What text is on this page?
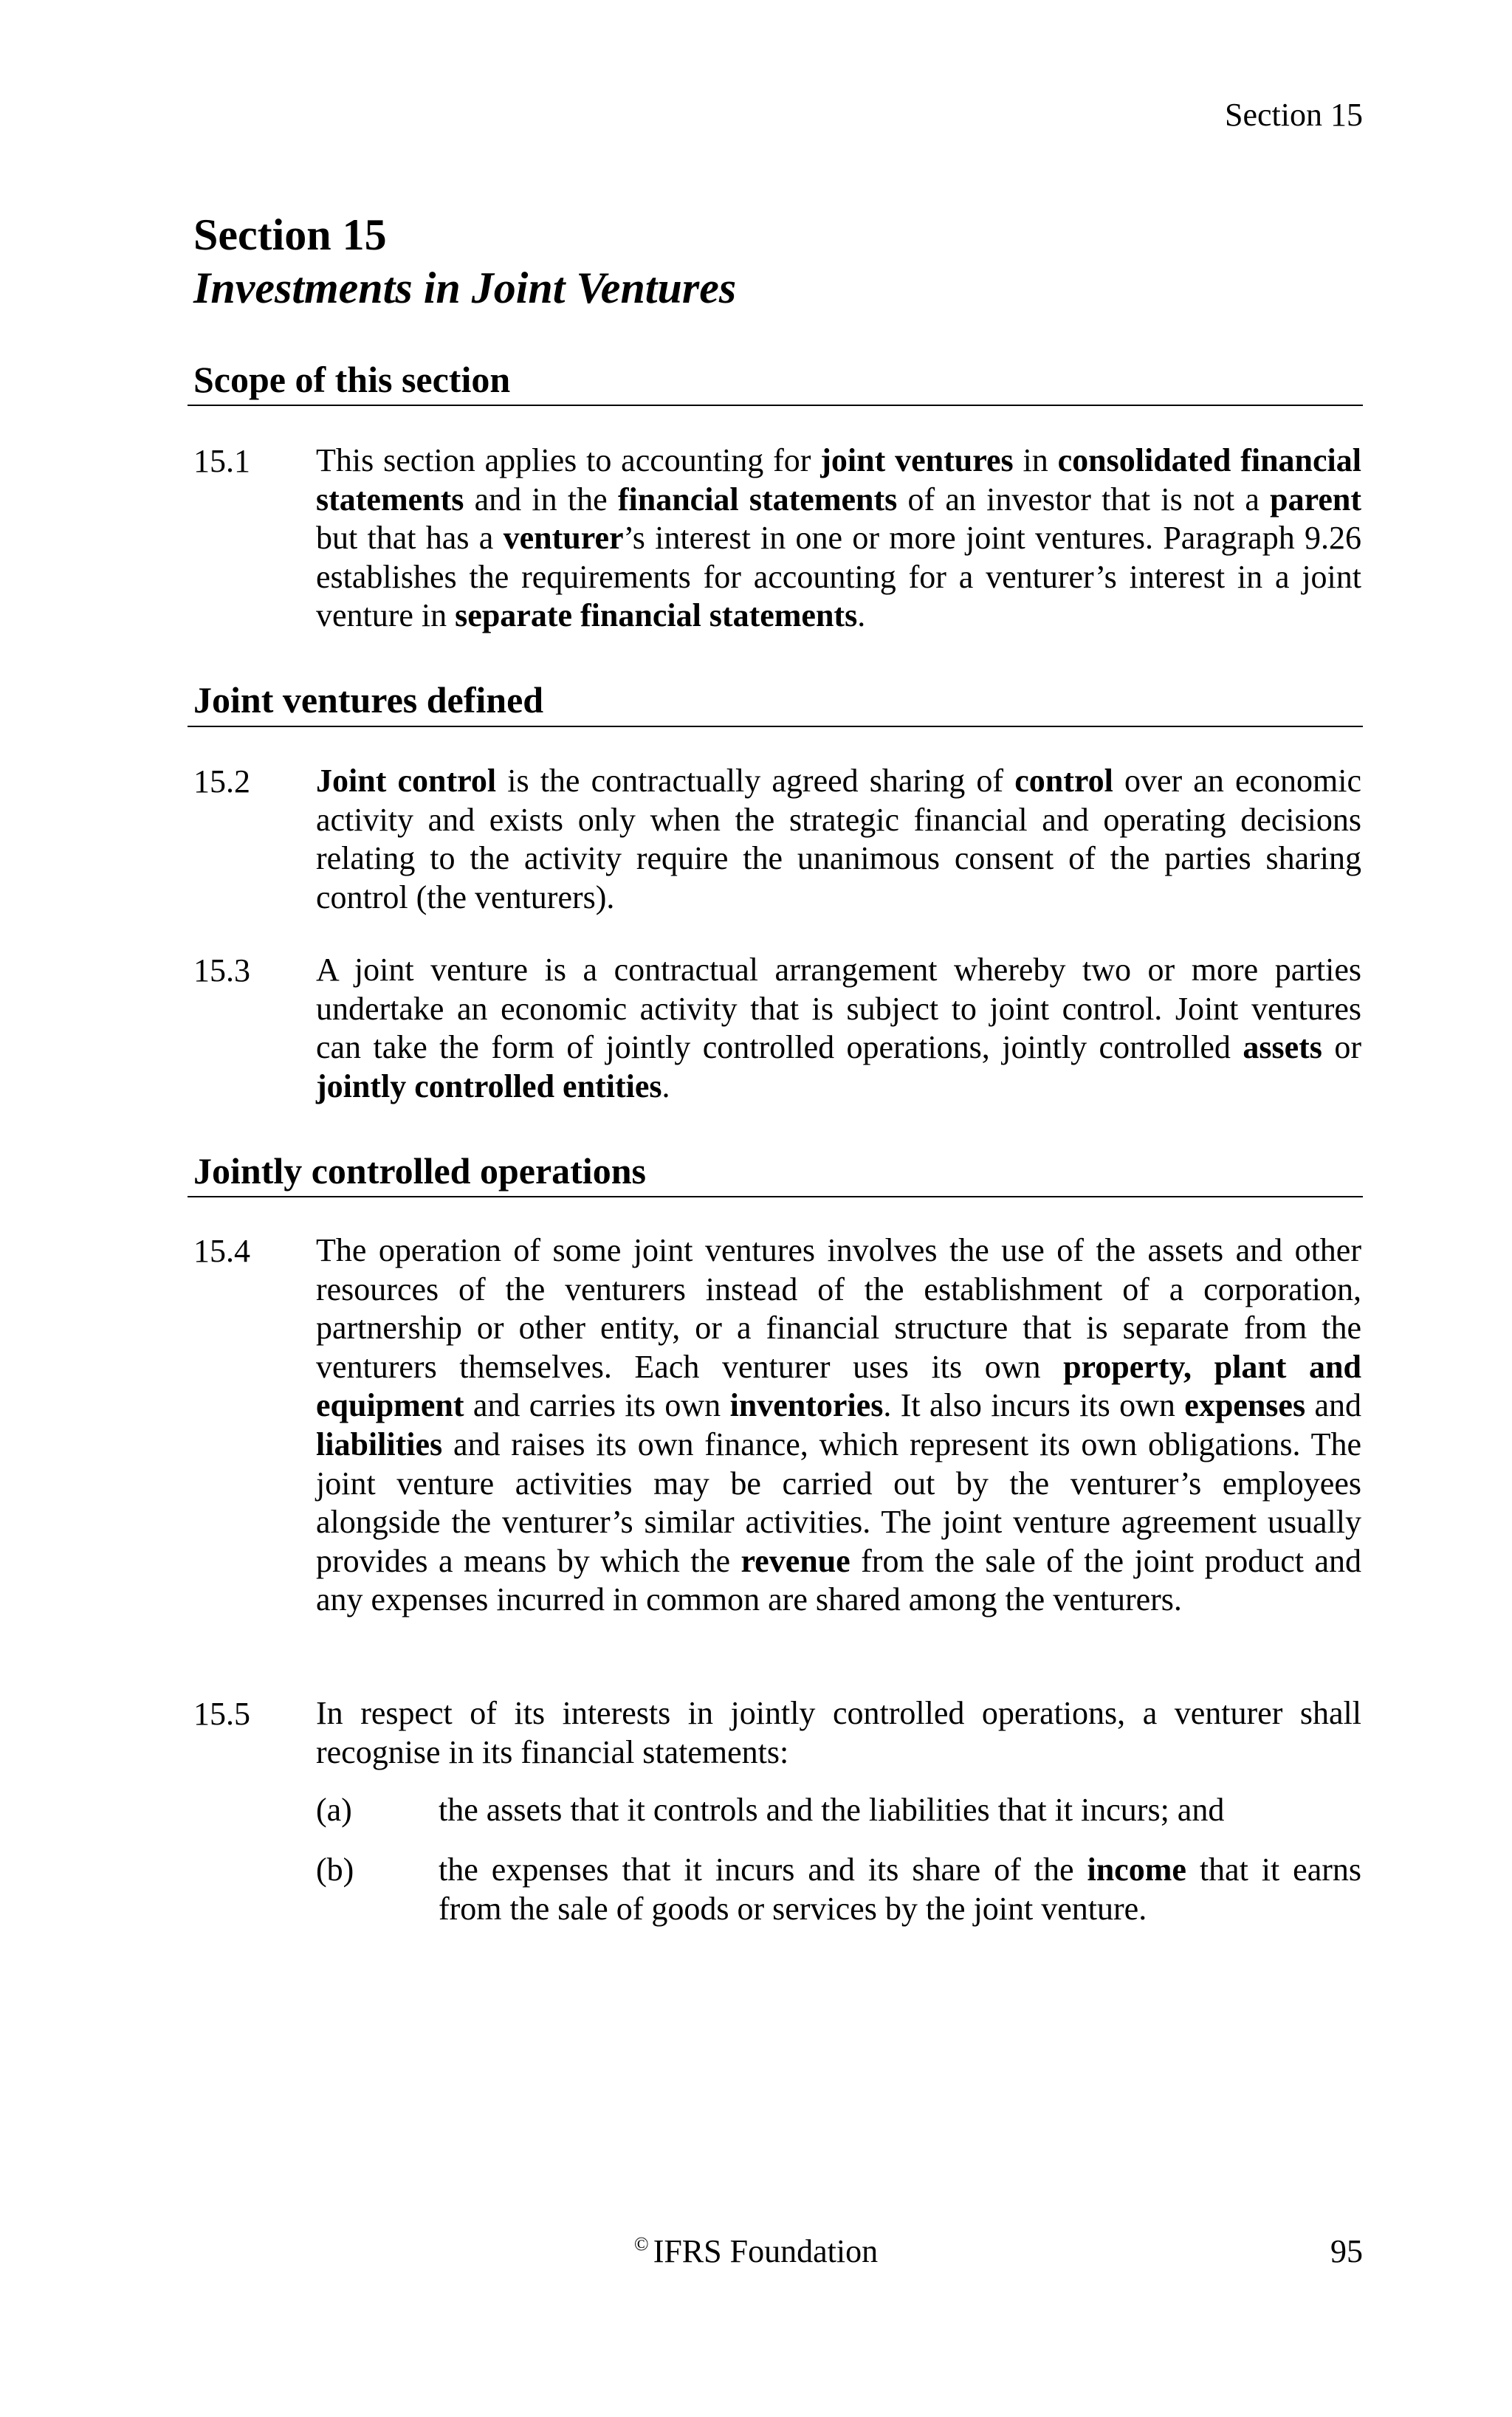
Section 15
Section 15
Investments in Joint Ventures
Scope of this section
15.1 This section applies to accounting for joint ventures in consolidated financial statements and in the financial statements of an investor that is not a parent but that has a venturer’s interest in one or more joint ventures. Paragraph 9.26 establishes the requirements for accounting for a venturer’s interest in a joint venture in separate financial statements.
Joint ventures defined
15.2 Joint control is the contractually agreed sharing of control over an economic activity and exists only when the strategic financial and operating decisions relating to the activity require the unanimous consent of the parties sharing control (the venturers).
15.3 A joint venture is a contractual arrangement whereby two or more parties undertake an economic activity that is subject to joint control. Joint ventures can take the form of jointly controlled operations, jointly controlled assets or jointly controlled entities.
Jointly controlled operations
15.4 The operation of some joint ventures involves the use of the assets and other resources of the venturers instead of the establishment of a corporation, partnership or other entity, or a financial structure that is separate from the venturers themselves. Each venturer uses its own property, plant and equipment and carries its own inventories. It also incurs its own expenses and liabilities and raises its own finance, which represent its own obligations. The joint venture activities may be carried out by the venturer’s employees alongside the venturer’s similar activities. The joint venture agreement usually provides a means by which the revenue from the sale of the joint product and any expenses incurred in common are shared among the venturers.
15.5 In respect of its interests in jointly controlled operations, a venturer shall recognise in its financial statements:
(a)	the assets that it controls and the liabilities that it incurs; and
(b)	the expenses that it incurs and its share of the income that it earns from the sale of goods or services by the joint venture.
© IFRS Foundation	95
